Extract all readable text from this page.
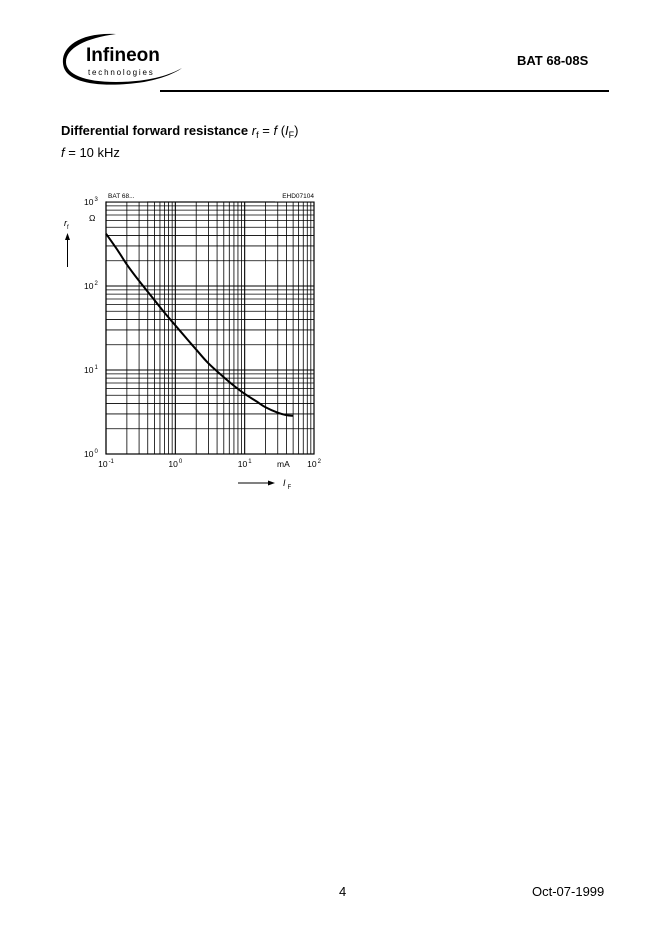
Infineon
technologies
BAT 68-08S
Differential forward resistance $r_f = f$ $(I_F)$
f = 10 kHz
BAT 68...	EHD07104
$10^{-1}$	$10^0$	$10^1$	$10^2$
$10^0$
$10^1$
$10^2$
$10^3$
Ω
$r_f$
mA
I $_F$
4	Oct-07-1999
